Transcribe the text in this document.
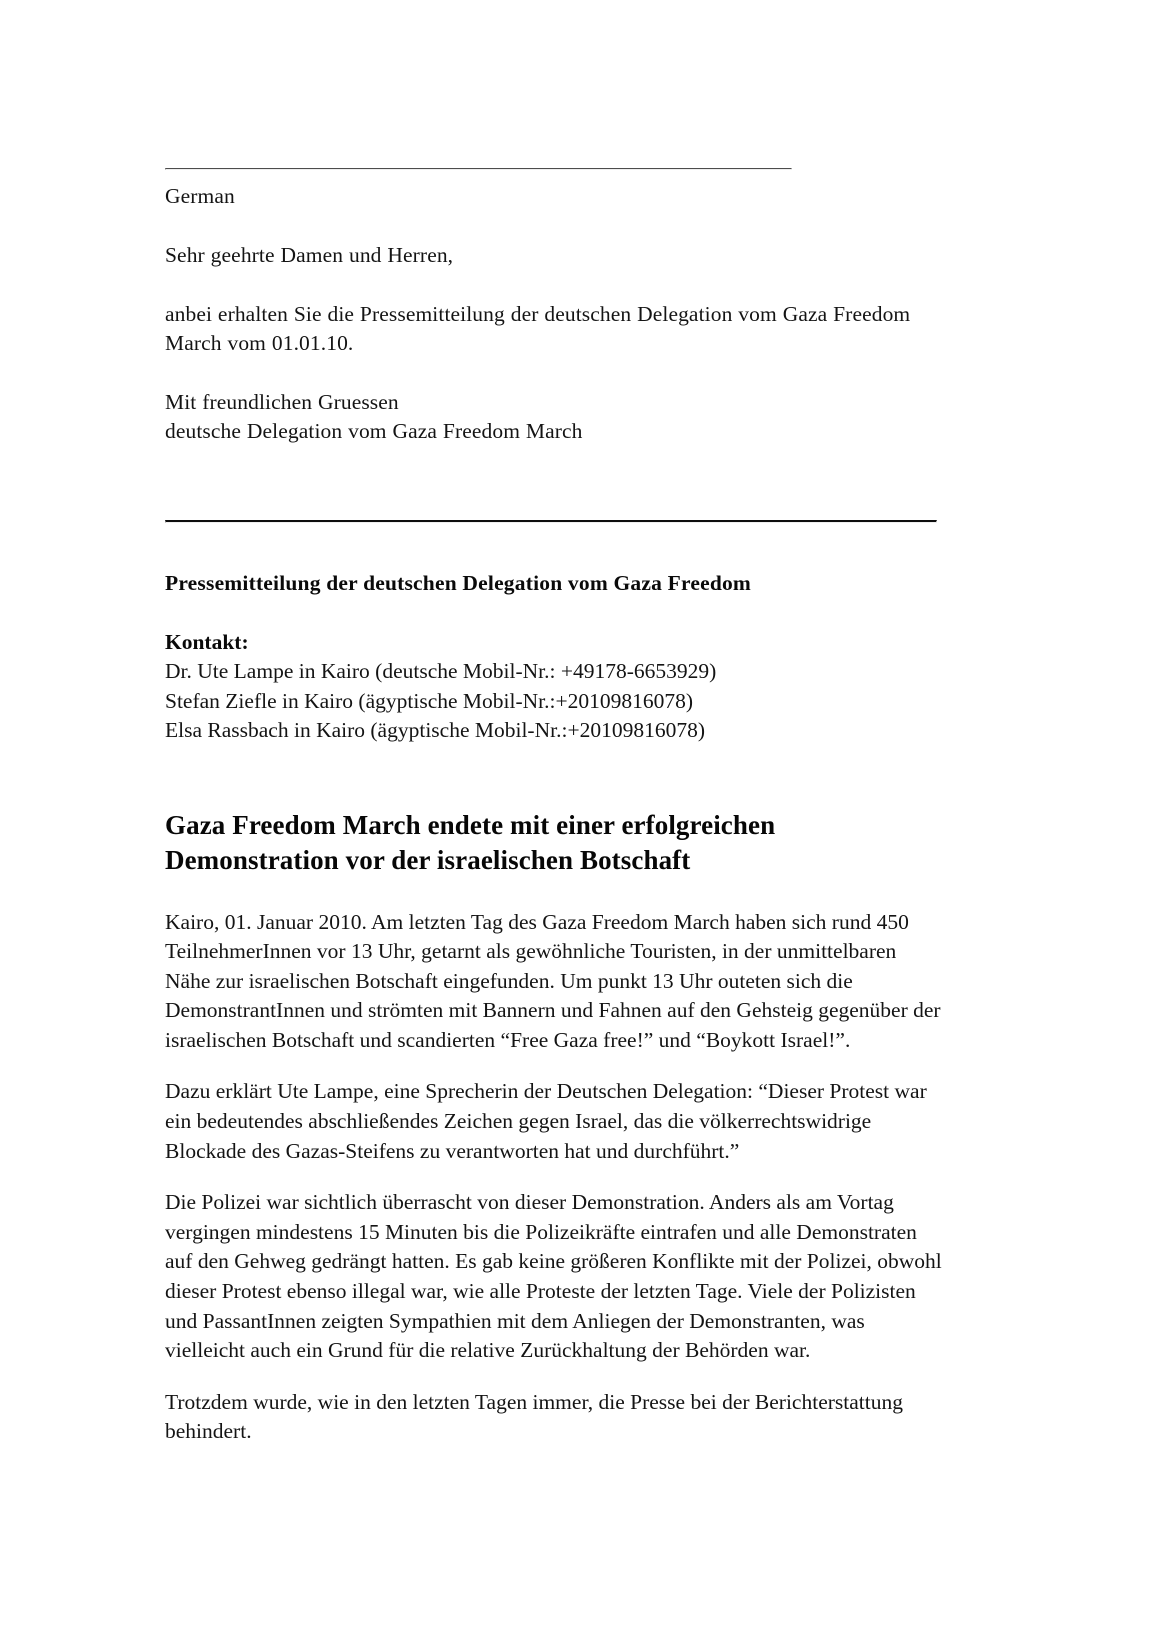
German
Sehr geehrte Damen und Herren,
anbei erhalten Sie die Pressemitteilung der deutschen Delegation vom Gaza Freedom March vom 01.01.10.
Mit freundlichen Gruessen
deutsche Delegation vom Gaza Freedom March
Pressemitteilung der deutschen Delegation vom Gaza Freedom
Kontakt:
Dr. Ute Lampe in Kairo (deutsche Mobil-Nr.: +49178-6653929)
Stefan Ziefle in Kairo (ägyptische Mobil-Nr.:+20109816078)
Elsa Rassbach in Kairo (ägyptische Mobil-Nr.:+20109816078)
Gaza Freedom March endete mit einer erfolgreichen Demonstration vor der israelischen Botschaft
Kairo, 01. Januar 2010. Am letzten Tag des Gaza Freedom March haben sich rund 450 TeilnehmerInnen vor 13 Uhr, getarnt als gewöhnliche Touristen, in der unmittelbaren Nähe zur israelischen Botschaft eingefunden. Um punkt 13 Uhr outeten sich die DemonstrantInnen und strömten mit Bannern und Fahnen auf den Gehsteig gegenüber der israelischen Botschaft und scandierten “Free Gaza free!” und “Boykott Israel!”.
Dazu erklärt Ute Lampe, eine Sprecherin der Deutschen Delegation: “Dieser Protest war ein bedeutendes abschließendes Zeichen gegen Israel, das die völkerrechtswidrige Blockade des Gazas-Steifens zu verantworten hat und durchführt.”
Die Polizei war sichtlich überrascht von dieser Demonstration. Anders als am Vortag vergingen mindestens 15 Minuten bis die Polizeikräfte eintrafen und alle Demonstraten auf den Gehweg gedrängt hatten. Es gab keine größeren Konflikte mit der Polizei, obwohl dieser Protest ebenso illegal war, wie alle Proteste der letzten Tage. Viele der Polizisten und PassantInnen zeigten Sympathien mit dem Anliegen der Demonstranten, was vielleicht auch ein Grund für die relative Zurückhaltung der Behörden war.
Trotzdem wurde, wie in den letzten Tagen immer, die Presse bei der Berichterstattung behindert.
